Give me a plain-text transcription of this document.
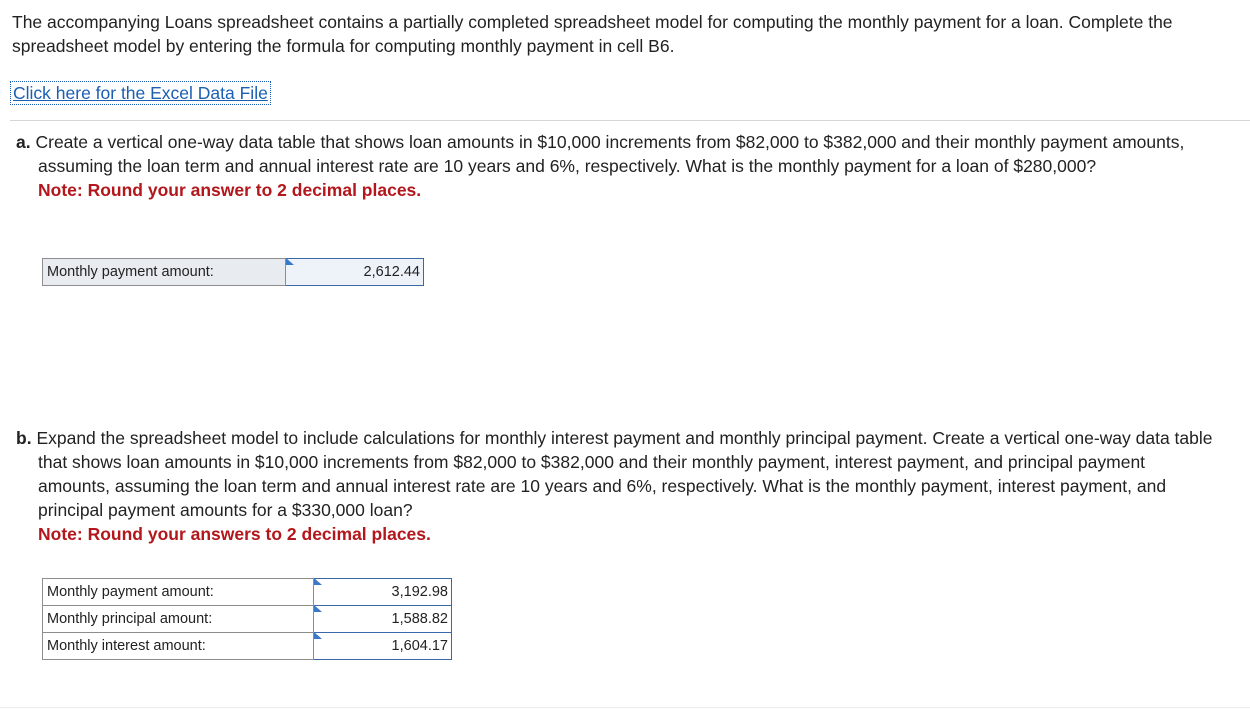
The accompanying Loans spreadsheet contains a partially completed spreadsheet model for computing the monthly payment for a loan. Complete the spreadsheet model by entering the formula for computing monthly payment in cell B6.

Click here for the Excel Data File
a. Create a vertical one-way data table that shows loan amounts in $10,000 increments from $82,000 to $382,000 and their monthly payment amounts, assuming the loan term and annual interest rate are 10 years and 6%, respectively. What is the monthly payment for a loan of $280,000?
Note: Round your answer to 2 decimal places.
Monthly payment amount:	2,612.44
b. Expand the spreadsheet model to include calculations for monthly interest payment and monthly principal payment. Create a vertical one-way data table that shows loan amounts in $10,000 increments from $82,000 to $382,000 and their monthly payment, interest payment, and principal payment amounts, assuming the loan term and annual interest rate are 10 years and 6%, respectively. What is the monthly payment, interest payment, and principal payment amounts for a $330,000 loan?
Note: Round your answers to 2 decimal places.
Monthly payment amount:	3,192.98
Monthly principal amount:	1,588.82
Monthly interest amount:	1,604.17
